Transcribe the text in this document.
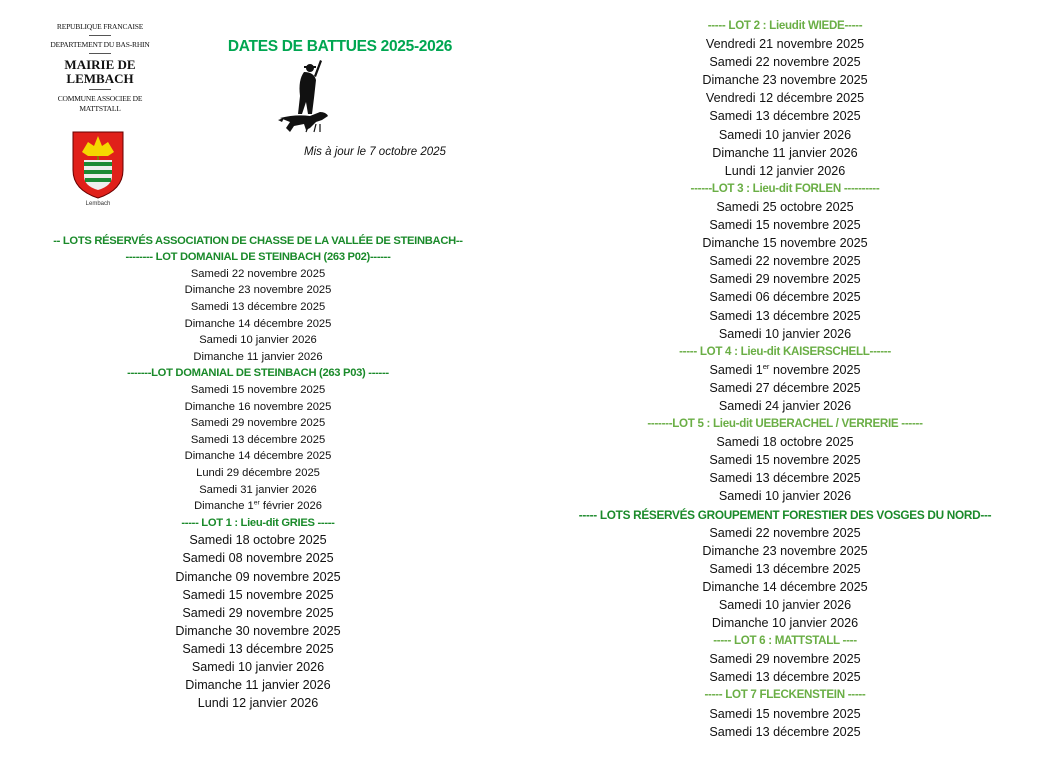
REPUBLIQUE FRANCAISE
DEPARTEMENT DU BAS-RHIN
MAIRIE DE LEMBACH
COMMUNE ASSOCIEE DE MATTSTALL
Lembach
DATES DE BATTUES 2025-2026
Mis à jour le 7 octobre 2025
-- LOTS RÉSERVÉS ASSOCIATION DE CHASSE DE LA VALLÉE DE STEINBACH--
-------- LOT DOMANIAL DE STEINBACH (263 P02)------
Samedi 22 novembre 2025
Dimanche 23 novembre 2025
Samedi 13 décembre 2025
Dimanche 14 décembre 2025
Samedi 10 janvier 2026
Dimanche 11 janvier 2026
-------LOT DOMANIAL DE STEINBACH (263 P03) ------
Samedi 15 novembre 2025
Dimanche 16 novembre 2025
Samedi 29 novembre 2025
Samedi 13 décembre 2025
Dimanche 14 décembre 2025
Lundi 29 décembre 2025
Samedi 31 janvier 2026
Dimanche 1er février 2026
----- LOT 1 : Lieu-dit GRIES -----
Samedi 18 octobre 2025
Samedi 08 novembre 2025
Dimanche 09 novembre 2025
Samedi 15 novembre 2025
Samedi 29 novembre 2025
Dimanche 30 novembre 2025
Samedi 13 décembre 2025
Samedi 10 janvier 2026
Dimanche 11 janvier 2026
Lundi 12 janvier 2026
----- LOT 2 : Lieudit WIEDE-----
Vendredi 21 novembre 2025
Samedi 22 novembre 2025
Dimanche 23 novembre 2025
Vendredi 12 décembre 2025
Samedi 13 décembre 2025
Samedi 10 janvier 2026
Dimanche 11 janvier 2026
Lundi 12 janvier 2026
------LOT 3 : Lieu-dit FORLEN ----------
Samedi 25 octobre 2025
Samedi 15 novembre 2025
Dimanche 15 novembre 2025
Samedi 22 novembre 2025
Samedi 29 novembre 2025
Samedi 06 décembre 2025
Samedi 13 décembre 2025
Samedi 10 janvier 2026
----- LOT 4 : Lieu-dit KAISERSCHELL------
Samedi 1er novembre 2025
Samedi 27 décembre 2025
Samedi 24 janvier 2026
-------LOT 5 : Lieu-dit UEBERACHEL / VERRERIE ------
Samedi 18 octobre 2025
Samedi 15 novembre 2025
Samedi 13 décembre 2025
Samedi 10 janvier 2026
----- LOTS RÉSERVÉS GROUPEMENT FORESTIER DES VOSGES DU NORD---
Samedi 22 novembre 2025
Dimanche 23 novembre 2025
Samedi 13 décembre 2025
Dimanche 14 décembre 2025
Samedi 10 janvier 2026
Dimanche 10 janvier 2026
----- LOT 6 : MATTSTALL ----
Samedi 29 novembre 2025
Samedi 13 décembre 2025
----- LOT 7 FLECKENSTEIN -----
Samedi 15 novembre 2025
Samedi 13 décembre 2025
